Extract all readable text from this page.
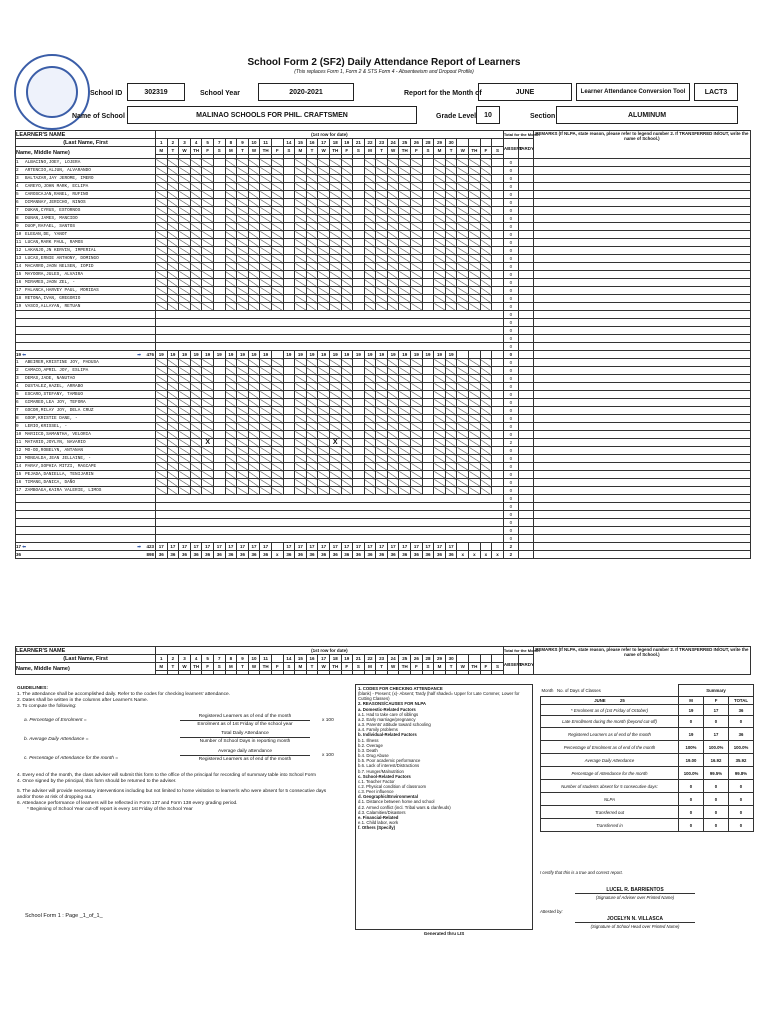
School Form 2 (SF2) Daily Attendance Report of Learners
(This replaces Form 1, Form 2 & STS Form 4 - Absenteeism and Dropout Profile)
School ID	302319	School Year	2020-2021	Report for the Month of	JUNE	Learner Attendance Conversion Tool	LACT3
Name of School	MALINAO SCHOOLS FOR PHIL. CRAFTSMEN	Grade Level	10	Section	ALUMINUM
LEARNER'S NAME	(1st row for date)																														Total for the Month		REMARKS (If NLPA, state reason, please refer to legend number 2. If TRANSFERRED IN/OUT, write the name of School.)
(Last Name, First	1	2	3	4	5	7	8	9	10	11		14	15	16	17	18	19	21	22	23	24	25	26	28	29	30					ABSENT	TARDY	
Name, Middle Name)	M	T	W	TH	F	S	M	T	W	TH	F	S	M	T	W	TH	F	S	M	T	W	TH	F	S	M	T	W	TH	F	S			

1 ALBACINO,JOEY, LOJERA																															0		
2 ARTENCIO,ALJUN, ALVARANDO																															0		
3 BALTAZAR,JAY JEROME, IMERO																															0		
4 CAREYO,JOHN MARK, ECLIPA																															0		
5 CAROSCAJAN,RANEL, RUFINO																															0		
6 DIMANNAY,JERICHO, NINOS																															0		
7 DUKAN,CYRUS, ESTORNOS																															0		
8 DUNAN,JAMES, MANCIDO																															0		
9 DUOP,RAFAEL, SANTOS																															0		
10 ELEGAN,DE, YANOT																															0		
11 LUCAN,MARK PAUL, RAMOS																															0		
12 LAKANJO,JN KERVIN, IMPERIAL																															0		
13 LUCAS,ERNIE ANTHONY, DOMINGO																															0		
14 MACARRO,JAON NELSEN, IOPID																															0		
15 MAYOORA,JULES, ALVAIRA																															0		
16 MIRAMES,JAON ZEL, -																															0		
17 PALANCA,HARVEY PAUL, MORIDAS																															0		
18 RETONA,IVAN, GREGORIO																															0		
19 VASCO,ALLAYAN, RETUAN																															0		
																															0		
																															0		
																															0		
																															0		
																															0		
19 ⬅ ➡ 476	19	19	19	19	19	19	19	19	19	19		19	19	19	19	19	19	19	19	19	19	19	19	19	19	19					0		
1 ABEIRER,KRISTINE JOY, PADUSA																															0		
2 CAMACO,APRIL JOY, ESLIPA																															0		
3 DEMAS,JADE, NANUTAO																															0		
4 DUSTALEZ,HAZEL, ARRABO																															0		
5 ESCARO,STEFANY, TAMBUO																															0		
6 GIMAREO,LEA JOY, TEFORA																															0		
7 GOCOR,MILAY JOY, DELA CRUZ																															0		
8 GOOP,KRISTIE DANE, -																															0		
9 LERIO,KRISSEL, -																															0		
10 MARIICO,SAMANTHA, VELORIA																															0		
11 MATARIO,JOYLYN, NAVARIO					X											X															2		
12 MO-OD,ROBELYN, ANTANAN																															0		
13 MONGALDA,JEAN JELLAINE, -																															0		
14 PARAY,SOPHIA MITZI, MAGCAPE																															0		
15 PEJADA,DANIELLA, TENIJARIN																															0		
16 TIMANG,DANICA, DAÑO																															0		
17 ZAMBOAGA,KAIRA VALERIE, LIMOS																															0		
																															0		
																															0		
																															0		
																															0		
																															0		
																															0		
17 ⬅ ➡ 423	17	17	17	17	17	17	17	17	17	17		17	17	17	17	17	17	17	17	17	17	17	17	17	17	17					2		
36 898	36	36	36	36	36	36	36	36	36	36	x	36	36	36	36	36	36	36	36	36	36	36	36	36	36	36	x	x	x	x	2		
LEARNER'S NAME	(1st row for date)																														Total for the Month		REMARKS (If NLPA, state reason, please refer to legend number 2. If TRANSFERRED IN/OUT, write the name of School.)
(Last Name, First	1	2	3	4	5	7	8	9	10	11		14	15	16	17	18	19	21	22	23	24	25	26	28	29	30					ABSENT	TARDY	
Name, Middle Name)	M	T	W	TH	F	S	M	T	W	TH	F	S	M	T	W	TH	F	S	M	T	W	TH	F	S	M	T	W	TH	F	S			

GUIDELINES:
1. The attendance shall be accomplished daily. Refer to the codes for checking learners' attendance.
2. Dates shall be written in the columns after Learner's Name.
3. To compute the following:
a. Percentage of Enrolment =
Registered Learners as of end of the month
Enrolment as of 1st Friday of the school year
x 100
b. Average Daily Attendance =
Total Daily Attendance
Number of School Days in reporting month
c. Percentage of Attendance for the month =
Average daily attendance
Registered Learners as of end of the month
x 100
4. Every end of the month, the class adviser will submit this form to the office of the principal for recording of summary table into School Form
4. Once signed by the principal, this form should be returned to the adviser.
5. The adviser will provide necessary interventions including but not limited to home visitation to learner/s who were absent for 5 consecutive days
and/or those at risk of dropping out.
6. Attendance performance of learners will be reflected in Form 137 and Form 138 every grading period.
* Beginning of School Year cut-off report is every 1st Friday of the School Year
School Form 1 : Page _1_of_1_
1. CODES FOR CHECKING ATTENDANCE
(blank) - Present; (x)- Absent; Tardy (half shaded= Upper for Late Commer, Lower for Cutting Classes)
2. REASONS/CAUSES FOR NLPA
a. Domestic-Related Factors
a.1. Had to take care of siblings
a.2. Early marriage/pregnancy
a.3. Parents' attitude toward schooling
a.4. Family problems
b. Individual-Related Factors
b.1. Illness
b.2. Overage
b.3. Death
b.4. Drug Abuse
b.5. Poor academic performance
b.6. Lack of interest/Distractions
b.7. Hunger/Malnutrition
c. School-Related Factors
c.1. Teacher Factor
c.2. Physical condition of classroom
c.3. Peer influence
d. Geographic/Environmental
d.1. Distance between home and school
d.2. Armed conflict (incl. Tribal wars & clanfeuds)
d.3. Calamities/Disasters
e. Financial-Related
e.1. Child labor, work
f. Others (Specify)
Generated thru LIS
Month No. of Days of Classes	Summary		
JUNE 25	M	F	TOTAL
* Enrolment as of (1st Friday of October)	19	17	36
Late Enrollment during the month (beyond cut-off)	0	0	0
Registered Learners as of end of the month	19	17	36
Percentage of Enrolment as of end of the month	100%	100.0%	100.0%
Average Daily Attendance	19.00	16.92	35.92
Percentage of Attendance for the month	100.0%	99.5%	99.8%
Number of students absent for 5 consecutive days:	0	0	0
NLPA	0	0	0
Transferred out	0	0	0
Transferred in	0	0	0
I certify that this is a true and correct report.
LUCEL R. BARRIENTOS
(Signature of Adviser over Printed Name)
Attested by:
JOCELYN N. VILLASCA
(Signature of School Head over Printed Name)
